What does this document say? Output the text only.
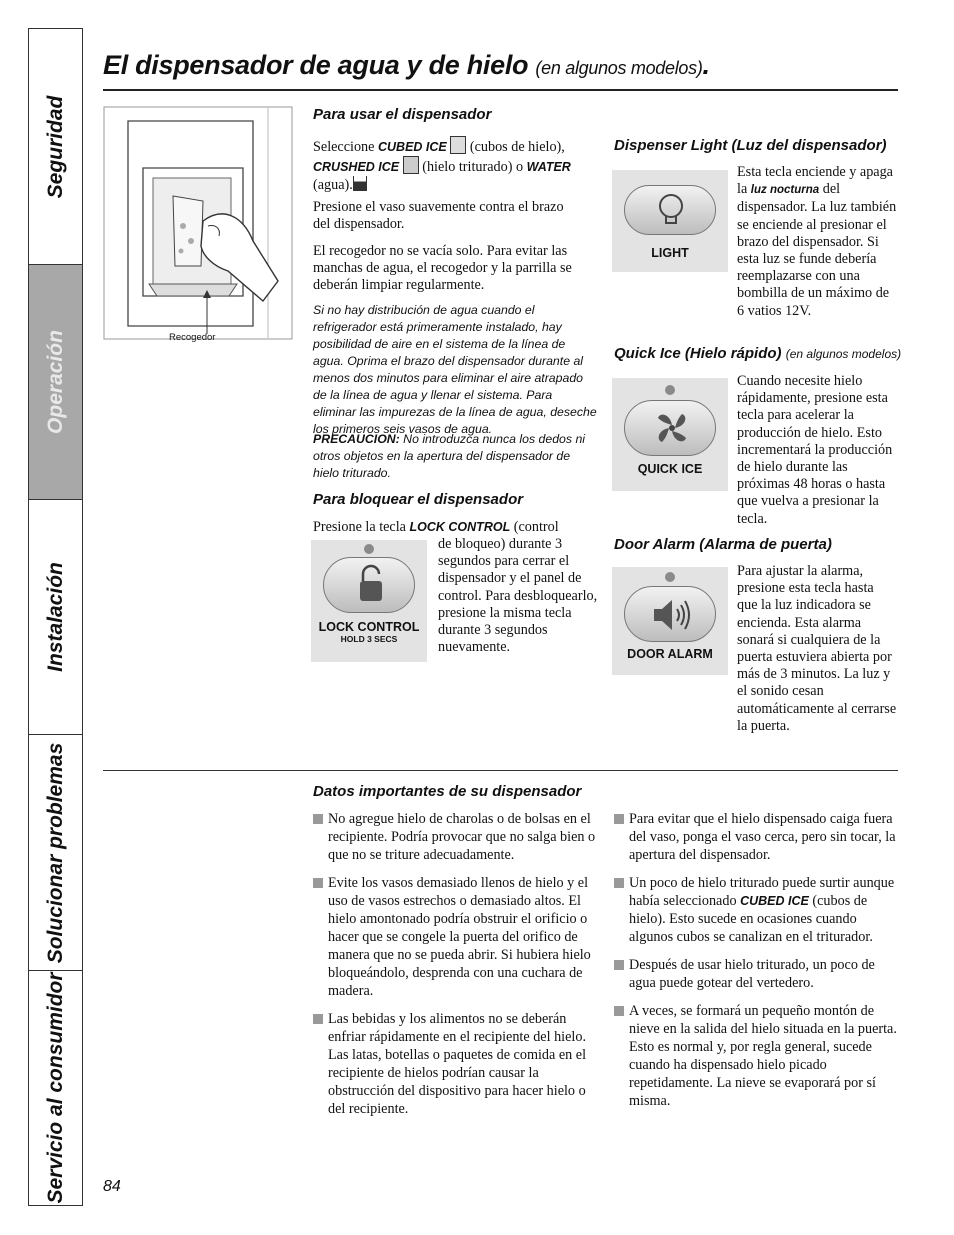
Seguridad
Operación
Instalación
Solucionar problemas
Servicio al consumidor
El dispensador de agua y de hielo (en algunos modelos).
Recogedor
Para usar el dispensador
Seleccione CUBED ICE  (cubos de hielo),
CRUSHED ICE  (hielo triturado) o WATER
(agua).
Presione el vaso suavemente contra el brazo del dispensador.
El recogedor no se vacía solo. Para evitar las manchas de agua, el recogedor y la parrilla se deberán limpiar regularmente.
Si no hay distribución de agua cuando el refrigerador está primeramente instalado, hay posibilidad de aire en el sistema de la línea de agua. Oprima el brazo del dispensador durante al menos dos minutos para eliminar el aire atrapado de la línea de agua y llenar el sistema. Para eliminar las impurezas de la línea de agua, deseche los primeros seis vasos de agua.
PRECAUCION: No introduzca nunca los dedos ni otros objetos en la apertura del dispensador de hielo triturado.
Para bloquear el dispensador
Presione la tecla LOCK CONTROL (control
LOCK CONTROL
HOLD 3 SECS
de bloqueo) durante 3 segundos para cerrar el dispensador y el panel de control. Para desbloquearlo, presione la misma tecla durante 3 segundos nuevamente.
Dispenser Light (Luz del dispensador)
LIGHT
Esta tecla enciende y apaga la luz nocturna del dispensador. La luz también se enciende al presionar el brazo del dispensador. Si esta luz se funde debería reemplazarse con una bombilla de un máximo de 6 vatios 12V.
Quick Ice (Hielo rápido) (en algunos modelos)
QUICK ICE
Cuando necesite hielo rápidamente, presione esta tecla para acelerar la producción de hielo. Esto incrementará la producción de hielo durante las próximas 48 horas o hasta que vuelva a presionar la tecla.
Door Alarm (Alarma de puerta)
DOOR ALARM
Para ajustar la alarma, presione esta tecla hasta que la luz indicadora se encienda. Esta alarma sonará si cualquiera de la puerta estuviera abierta por más de 3 minutos. La luz y el sonido cesan automáticamente al cerrarse la puerta.
Datos importantes de su dispensador
No agregue hielo de charolas o de bolsas en el recipiente. Podría provocar que no salga bien o que no se triture adecuadamente.
Evite los vasos demasiado llenos de hielo y el uso de vasos estrechos o demasiado altos. El hielo amontonado podría obstruir el orificio o hacer que se congele la puerta del orifico de manera que no se pueda abrir. Si hubiera hielo bloqueándolo, desprenda con una cuchara de madera.
Las bebidas y los alimentos no se deberán enfriar rápidamente en el recipiente del hielo. Las latas, botellas o paquetes de comida en el recipiente de hielos podrían causar la obstrucción del dispositivo para hacer hielo o del recipiente.
Para evitar que el hielo dispensado caiga fuera del vaso, ponga el vaso cerca, pero sin tocar, la apertura del dispensador.
Un poco de hielo triturado puede surtir aunque había seleccionado CUBED ICE (cubos de hielo). Esto sucede en ocasiones cuando algunos cubos se canalizan en el triturador.
Después de usar hielo triturado, un poco de agua puede gotear del vertedero.
A veces, se formará un pequeño montón de nieve en la salida del hielo situada en la puerta. Esto es normal y, por regla general, sucede cuando ha dispensado hielo picado repetidamente. La nieve se evaporará por sí misma.
84
